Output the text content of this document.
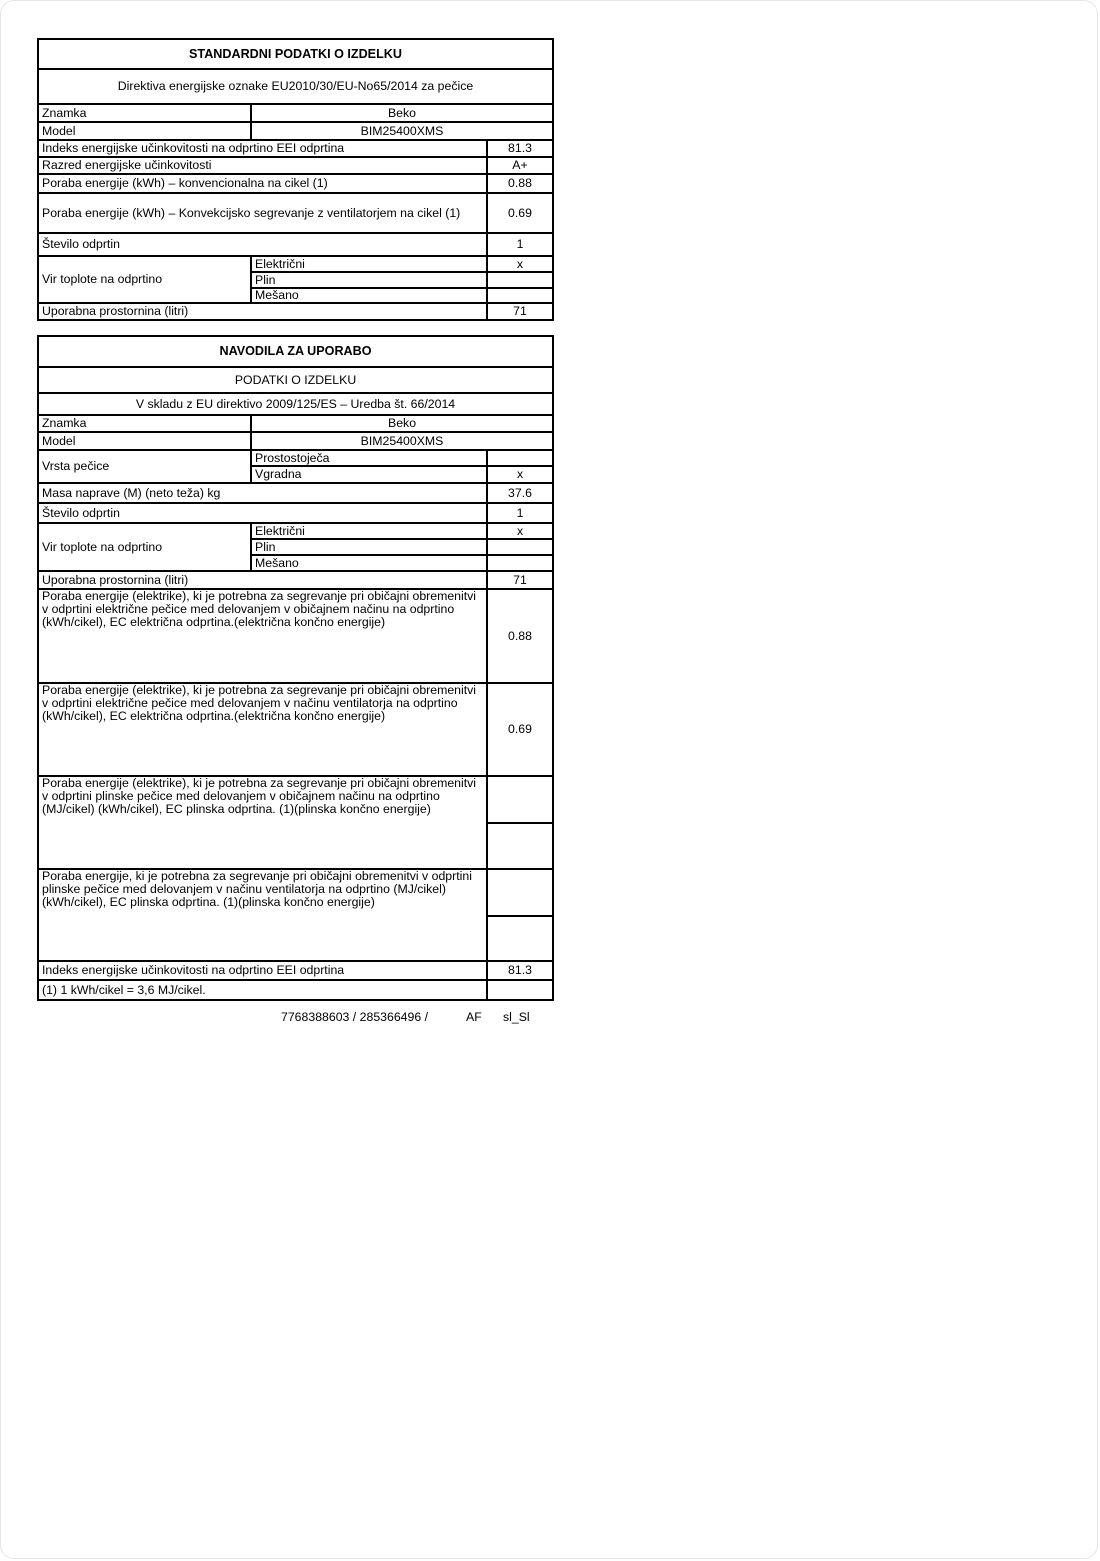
STANDARDNI PODATKI O IZDELKU		
Direktiva energijske oznake EU2010/30/EU-No65/2014 za pečice		
Znamka	Beko	
Model	BIM25400XMS	
Indeks energijske učinkovitosti na odprtino EEI odprtina		81.3
Razred energijske učinkovitosti		A+
Poraba energije (kWh) – konvencionalna na cikel (1)		0.88
Poraba energije (kWh) – Konvekcijsko segrevanje z ventilatorjem na cikel (1)		0.69
Število odprtin		1
Vir toplote na odprtino	Električni	x
	Plin	
	Mešano	
Uporabna prostornina (litri)		71
NAVODILA ZA UPORABO		
PODATKI O IZDELKU		
V skladu z EU direktivo 2009/125/ES – Uredba št. 66/2014		
Znamka	Beko	
Model	BIM25400XMS	
Vrsta pečice	Prostostoječa	
	Vgradna	x
Masa naprave (M) (neto teža) kg		37.6
Število odprtin		1
Vir toplote na odprtino	Električni	x
	Plin	
	Mešano	
Uporabna prostornina (litri)		71
Poraba energije (elektrike), ki je potrebna za segrevanje pri običajni obremenitvi v odprtini električne pečice med delovanjem v običajnem načinu na odprtino (kWh/cikel), EC električna odprtina.(električna končno energije)		0.88
Poraba energije (elektrike), ki je potrebna za segrevanje pri običajni obremenitvi v odprtini električne pečice med delovanjem v načinu ventilatorja na odprtino (kWh/cikel), EC električna odprtina.(električna končno energije)		0.69
Poraba energije (elektrike), ki je potrebna za segrevanje pri običajni obremenitvi v odprtini plinske pečice med delovanjem v običajnem načinu na odprtino (MJ/cikel) (kWh/cikel), EC plinska odprtina. (1)(plinska končno energije)		

Poraba energije, ki je potrebna za segrevanje pri običajni obremenitvi v odprtini plinske pečice med delovanjem v načinu ventilatorja na odprtino (MJ/cikel) (kWh/cikel), EC plinska odprtina. (1)(plinska končno energije)		

Indeks energijske učinkovitosti na odprtino EEI odprtina		81.3
(1) 1 kWh/cikel = 3,6 MJ/cikel.		
7768388603 / 285366496 /	AF sl_Sl
